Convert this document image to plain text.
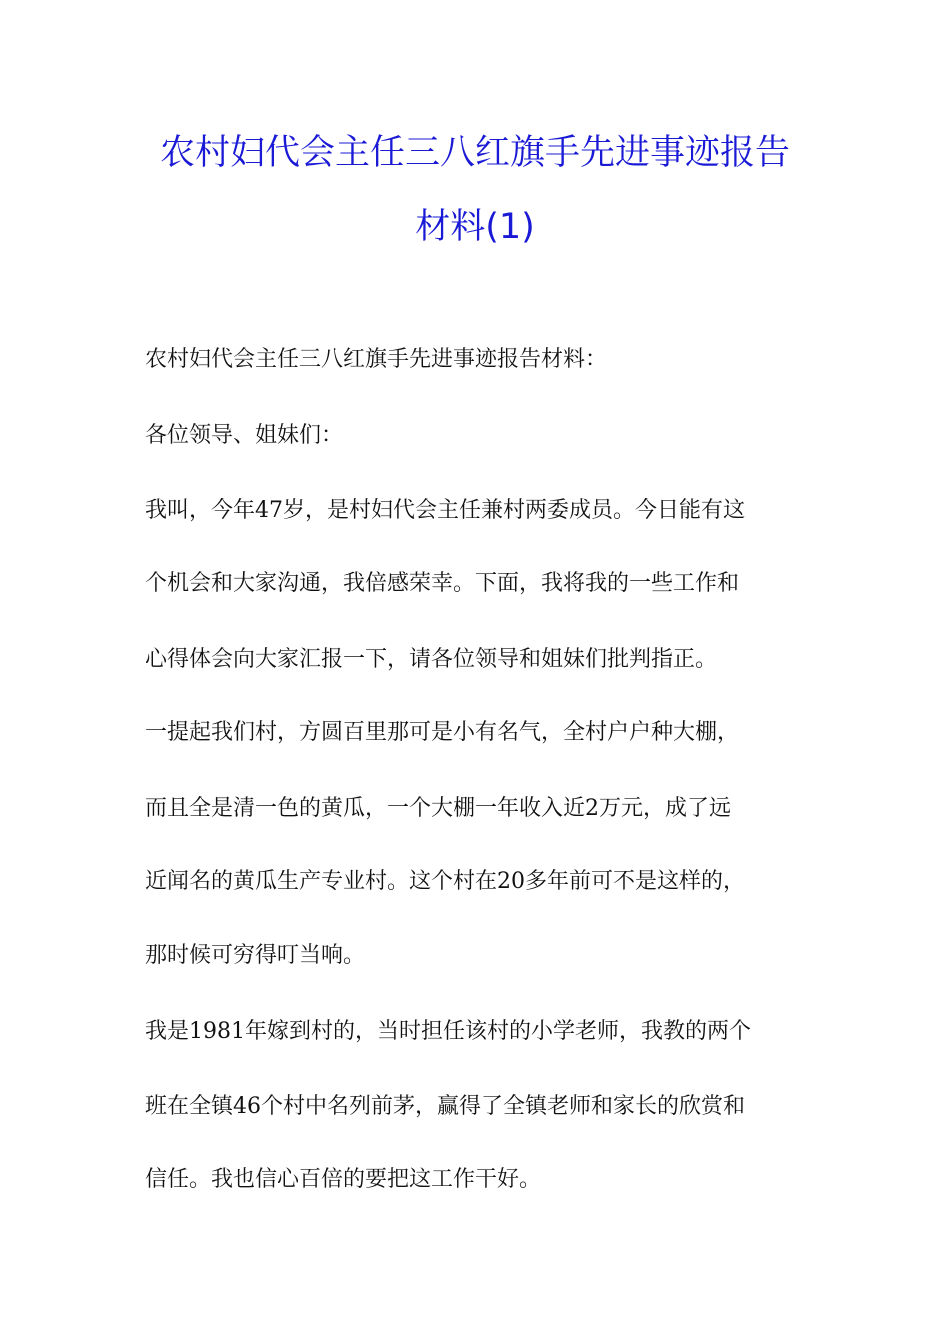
农村妇代会主任三八红旗手先进事迹报告
材料(1)
农村妇代会主任三八红旗手先进事迹报告材料：
各位领导、姐妹们：
我叫，今年47岁，是村妇代会主任兼村两委成员。今日能有这
个机会和大家沟通，我倍感荣幸。下面，我将我的一些工作和
心得体会向大家汇报一下，请各位领导和姐妹们批判指正。
一提起我们村，方圆百里那可是小有名气，全村户户种大棚，
而且全是清一色的黄瓜，一个大棚一年收入近2万元，成了远
近闻名的黄瓜生产专业村。这个村在20多年前可不是这样的，
那时候可穷得叮当响。
我是1981年嫁到村的，当时担任该村的小学老师，我教的两个
班在全镇46个村中名列前茅，赢得了全镇老师和家长的欣赏和
信任。我也信心百倍的要把这工作干好。
